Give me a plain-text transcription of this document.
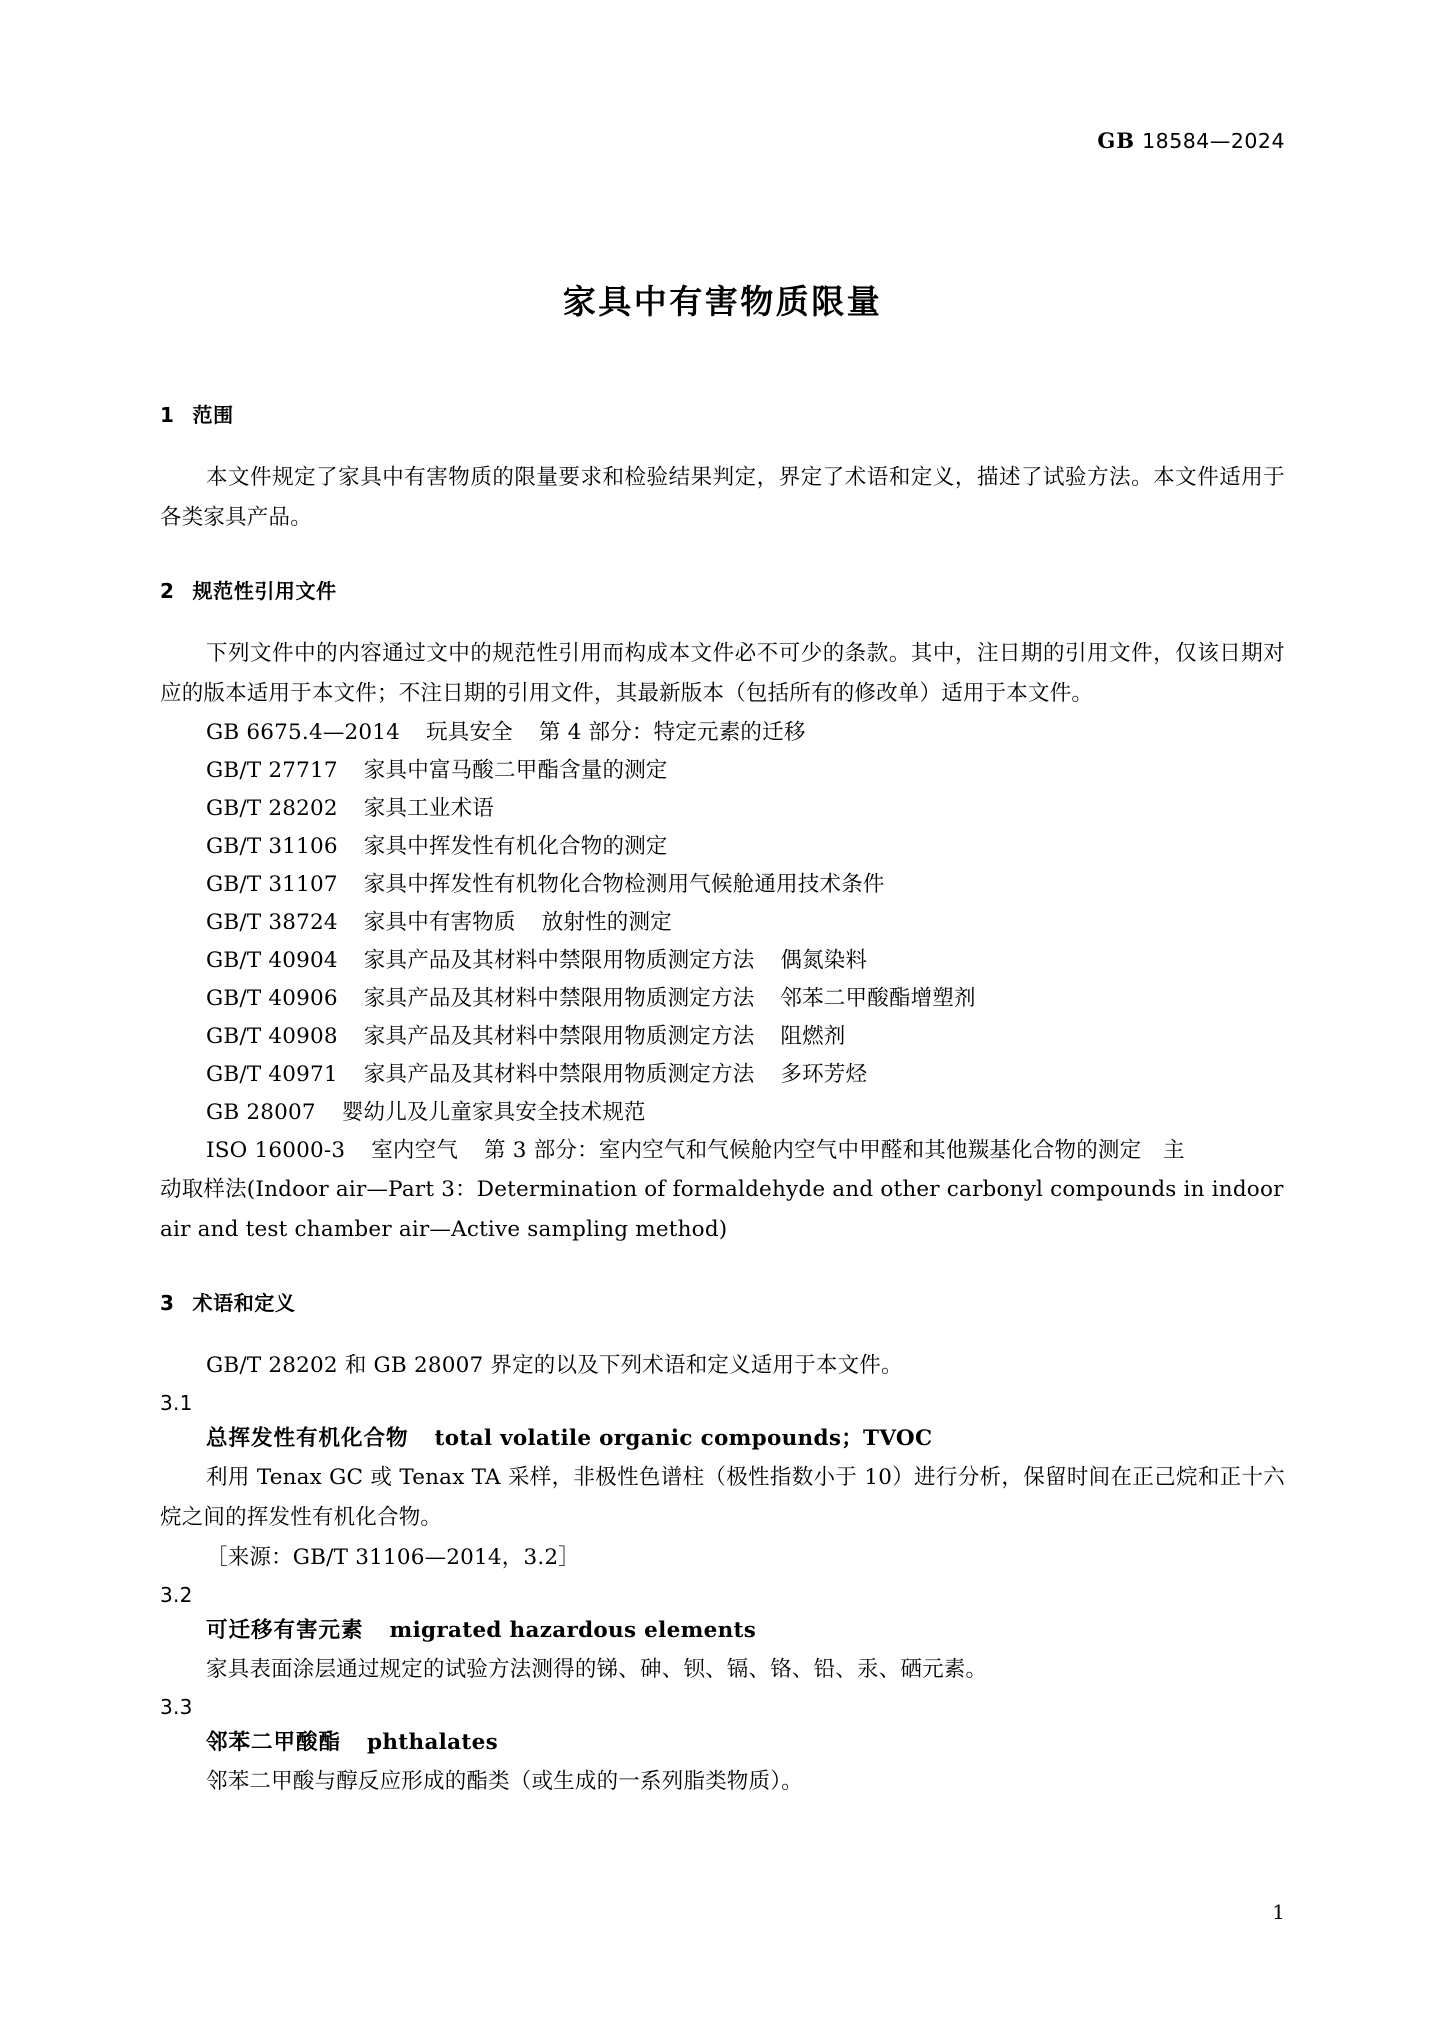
GB 18584—2024
家具中有害物质限量
1 范围

本文件规定了家具中有害物质的限量要求和检验结果判定，界定了术语和定义，描述了试验方法。本文件适用于各类家具产品。

2 规范性引用文件

下列文件中的内容通过文中的规范性引用而构成本文件必不可少的条款。其中，注日期的引用文件，仅该日期对应的版本适用于本文件；不注日期的引用文件，其最新版本（包括所有的修改单）适用于本文件。

GB 6675.4—2014 玩具安全 第 4 部分：特定元素的迁移
GB/T 27717 家具中富马酸二甲酯含量的测定
GB/T 28202 家具工业术语
GB/T 31106 家具中挥发性有机化合物的测定
GB/T 31107 家具中挥发性有机物化合物检测用气候舱通用技术条件
GB/T 38724 家具中有害物质 放射性的测定
GB/T 40904 家具产品及其材料中禁限用物质测定方法 偶氮染料
GB/T 40906 家具产品及其材料中禁限用物质测定方法 邻苯二甲酸酯增塑剂
GB/T 40908 家具产品及其材料中禁限用物质测定方法 阻燃剂
GB/T 40971 家具产品及其材料中禁限用物质测定方法 多环芳烃
GB 28007 婴幼儿及儿童家具安全技术规范
ISO 16000-3 室内空气 第 3 部分：室内空气和气候舱内空气中甲醛和其他羰基化合物的测定　主

动取样法(Indoor air—Part 3：Determination of formaldehyde and other carbonyl compounds in indoor

air and test chamber air—Active sampling method)

3 术语和定义

GB/T 28202 和 GB 28007 界定的以及下列术语和定义适用于本文件。

3.1
总挥发性有机化合物 total volatile organic compounds；TVOC

利用 Tenax GC 或 Tenax TA 采样，非极性色谱柱（极性指数小于 10）进行分析，保留时间在正己烷和正十六烷之间的挥发性有机化合物。

［来源：GB/T 31106—2014，3.2］

3.2
可迁移有害元素 migrated hazardous elements

家具表面涂层通过规定的试验方法测得的锑、砷、钡、镉、铬、铅、汞、硒元素。

3.3
邻苯二甲酸酯 phthalates

邻苯二甲酸与醇反应形成的酯类（或生成的一系列脂类物质）。

1
